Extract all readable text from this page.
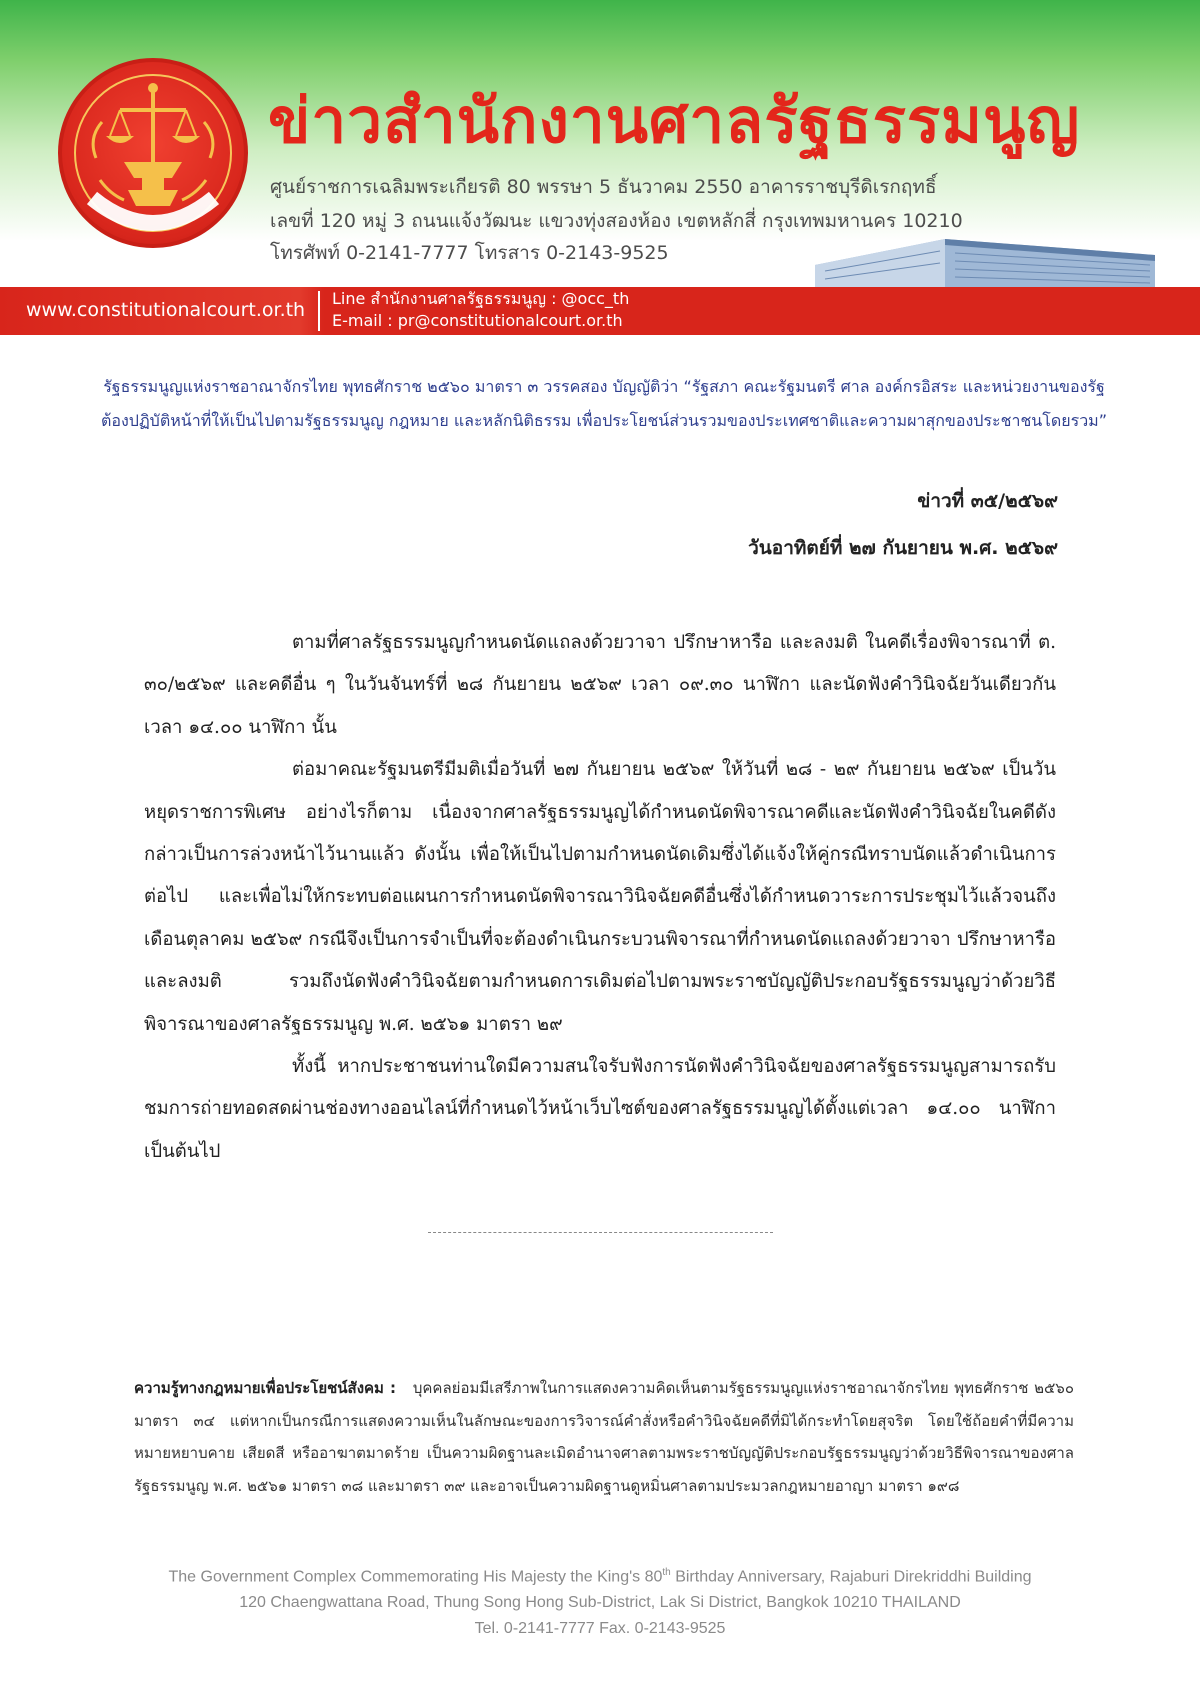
ข่าวสำนักงานศาลรัฐธรรมนูญ
ศูนย์ราชการเฉลิมพระเกียรติ 80 พรรษา 5 ธันวาคม 2550 อาคารราชบุรีดิเรกฤทธิ์
เลขที่ 120 หมู่ 3 ถนนแจ้งวัฒนะ แขวงทุ่งสองห้อง เขตหลักสี่ กรุงเทพมหานคร 10210
โทรศัพท์ 0-2141-7777 โทรสาร 0-2143-9525
www.constitutionalcourt.or.th
Line สำนักงานศาลรัฐธรรมนูญ : @occ_th
E-mail : pr@constitutionalcourt.or.th
รัฐธรรมนูญแห่งราชอาณาจักรไทย พุทธศักราช ๒๕๖๐ มาตรา ๓ วรรคสอง บัญญัติว่า “รัฐสภา คณะรัฐมนตรี ศาล องค์กรอิสระ และหน่วยงานของรัฐ
ต้องปฏิบัติหน้าที่ให้เป็นไปตามรัฐธรรมนูญ กฎหมาย และหลักนิติธรรม เพื่อประโยชน์ส่วนรวมของประเทศชาติและความผาสุกของประชาชนโดยรวม”
ข่าวที่ ๓๕/๒๕๖๙
วันอาทิตย์ที่ ๒๗ กันยายน พ.ศ. ๒๕๖๙

ตามที่ศาลรัฐธรรมนูญกำหนดนัดแถลงด้วยวาจา ปรึกษาหารือ และลงมติ ในคดีเรื่องพิจารณาที่ ต. ๓๐/๒๕๖๙ และคดีอื่น ๆ ในวันจันทร์ที่ ๒๘ กันยายน ๒๕๖๙ เวลา ๐๙.๓๐ นาฬิกา และนัดฟังคำวินิจฉัยวันเดียวกันเวลา ๑๔.๐๐ นาฬิกา นั้น

ต่อมาคณะรัฐมนตรีมีมติเมื่อวันที่ ๒๗ กันยายน ๒๕๖๙ ให้วันที่ ๒๘ - ๒๙ กันยายน ๒๕๖๙ เป็นวันหยุดราชการพิเศษ อย่างไรก็ตาม เนื่องจากศาลรัฐธรรมนูญได้กำหนดนัดพิจารณาคดีและนัดฟังคำวินิจฉัยในคดีดังกล่าวเป็นการล่วงหน้าไว้นานแล้ว ดังนั้น เพื่อให้เป็นไปตามกำหนดนัดเดิมซึ่งได้แจ้งให้คู่กรณีทราบนัดแล้วดำเนินการต่อไป และเพื่อไม่ให้กระทบต่อแผนการกำหนดนัดพิจารณาวินิจฉัยคดีอื่นซึ่งได้กำหนดวาระการประชุมไว้แล้วจนถึงเดือนตุลาคม ๒๕๖๙ กรณีจึงเป็นการจำเป็นที่จะต้องดำเนินกระบวนพิจารณาที่กำหนดนัดแถลงด้วยวาจา ปรึกษาหารือ และลงมติ รวมถึงนัดฟังคำวินิจฉัยตามกำหนดการเดิมต่อไปตามพระราชบัญญัติประกอบรัฐธรรมนูญว่าด้วยวิธีพิจารณาของศาลรัฐธรรมนูญ พ.ศ. ๒๕๖๑ มาตรา ๒๙

ทั้งนี้ หากประชาชนท่านใดมีความสนใจรับฟังการนัดฟังคำวินิจฉัยของศาลรัฐธรรมนูญสามารถรับชมการถ่ายทอดสดผ่านช่องทางออนไลน์ที่กำหนดไว้หน้าเว็บไซต์ของศาลรัฐธรรมนูญได้ตั้งแต่เวลา ๑๔.๐๐ นาฬิกา เป็นต้นไป

ความรู้ทางกฎหมายเพื่อประโยชน์สังคม : บุคคลย่อมมีเสรีภาพในการแสดงความคิดเห็นตามรัฐธรรมนูญแห่งราชอาณาจักรไทย พุทธศักราช ๒๕๖๐ มาตรา ๓๔ แต่หากเป็นกรณีการแสดงความเห็นในลักษณะของการวิจารณ์คำสั่งหรือคำวินิจฉัยคดีที่มิได้กระทำโดยสุจริต โดยใช้ถ้อยคำที่มีความหมายหยาบคาย เสียดสี หรืออาฆาตมาดร้าย เป็นความผิดฐานละเมิดอำนาจศาลตามพระราชบัญญัติประกอบรัฐธรรมนูญว่าด้วยวิธีพิจารณาของศาลรัฐธรรมนูญ พ.ศ. ๒๕๖๑ มาตรา ๓๘ และมาตรา ๓๙ และอาจเป็นความผิดฐานดูหมิ่นศาลตามประมวลกฎหมายอาญา มาตรา ๑๙๘
The Government Complex Commemorating His Majesty the King's 80th Birthday Anniversary, Rajaburi Direkriddhi Building
120 Chaengwattana Road, Thung Song Hong Sub-District, Lak Si District, Bangkok 10210 THAILAND
Tel. 0-2141-7777 Fax. 0-2143-9525
